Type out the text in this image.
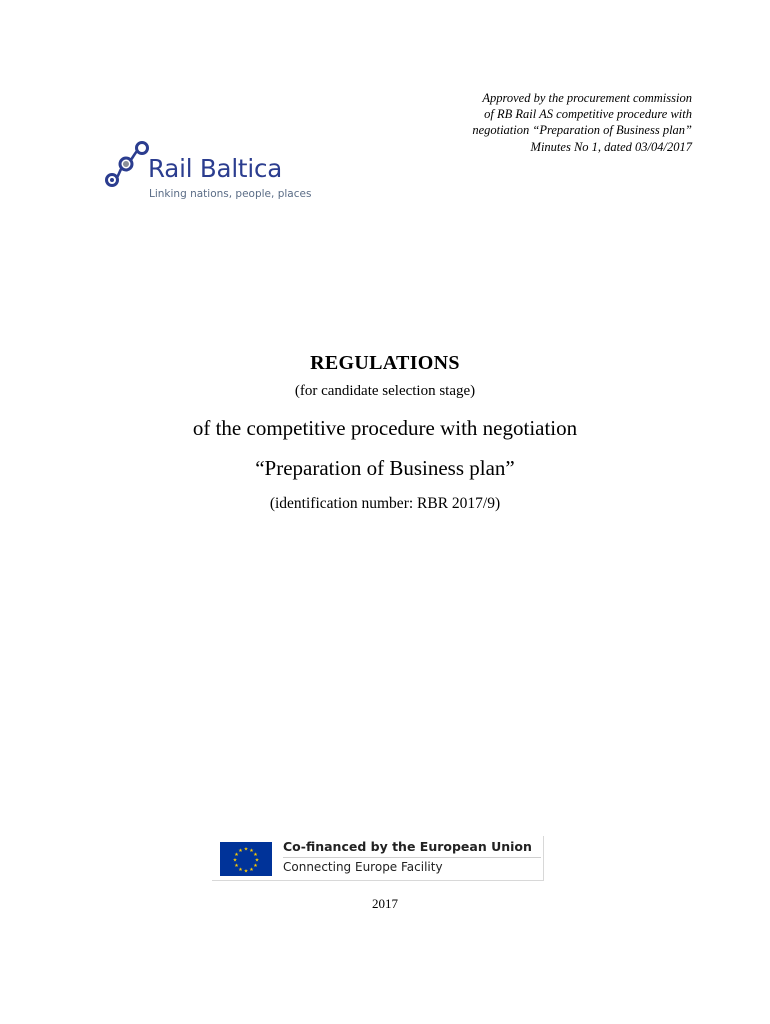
Approved by the procurement commission
of RB Rail AS competitive procedure with
negotiation “Preparation of Business plan”
Minutes No 1, dated 03/04/2017
Rail Baltica
Linking nations, people, places
REGULATIONS
(for candidate selection stage)
of the competitive procedure with negotiation
“Preparation of Business plan”
(identification number: RBR 2017/9)
★ ★
★
★
★
★
★
★
★
★
★
★	Co-financed by the European Union
Connecting Europe Facility
2017
